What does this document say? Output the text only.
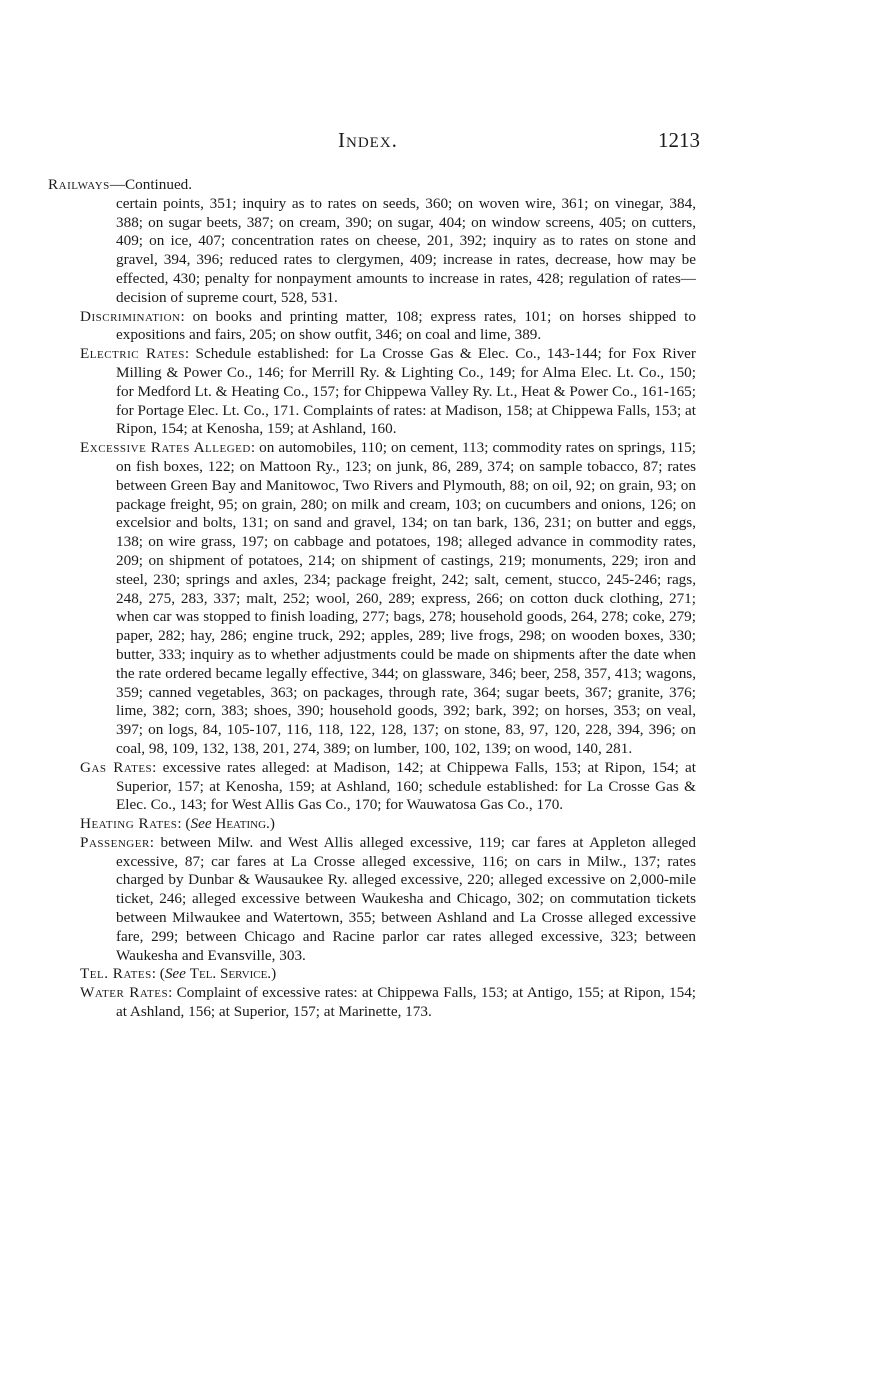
Index.	1213

Railways—Continued.

certain points, 351; inquiry as to rates on seeds, 360; on woven wire, 361; on vinegar, 384, 388; on sugar beets, 387; on cream, 390; on sugar, 404; on window screens, 405; on cutters, 409; on ice, 407; concentration rates on cheese, 201, 392; inquiry as to rates on stone and gravel, 394, 396; reduced rates to clergymen, 409; increase in rates, decrease, how may be effected, 430; penalty for nonpayment amounts to increase in rates, 428; regulation of rates—decision of supreme court, 528, 531.

Discrimination: on books and printing matter, 108; express rates, 101; on horses shipped to expositions and fairs, 205; on show outfit, 346; on coal and lime, 389.

Electric Rates: Schedule established: for La Crosse Gas & Elec. Co., 143-144; for Fox River Milling & Power Co., 146; for Merrill Ry. & Lighting Co., 149; for Alma Elec. Lt. Co., 150; for Medford Lt. & Heating Co., 157; for Chippewa Valley Ry. Lt., Heat & Power Co., 161-165; for Portage Elec. Lt. Co., 171. Complaints of rates: at Madison, 158; at Chippewa Falls, 153; at Ripon, 154; at Kenosha, 159; at Ashland, 160.

Excessive Rates Alleged: on automobiles, 110; on cement, 113; commodity rates on springs, 115; on fish boxes, 122; on Mattoon Ry., 123; on junk, 86, 289, 374; on sample tobacco, 87; rates between Green Bay and Manitowoc, Two Rivers and Plymouth, 88; on oil, 92; on grain, 93; on package freight, 95; on grain, 280; on milk and cream, 103; on cucumbers and onions, 126; on excelsior and bolts, 131; on sand and gravel, 134; on tan bark, 136, 231; on butter and eggs, 138; on wire grass, 197; on cabbage and potatoes, 198; alleged advance in commodity rates, 209; on shipment of potatoes, 214; on shipment of castings, 219; monuments, 229; iron and steel, 230; springs and axles, 234; package freight, 242; salt, cement, stucco, 245-246; rags, 248, 275, 283, 337; malt, 252; wool, 260, 289; express, 266; on cotton duck clothing, 271; when car was stopped to finish loading, 277; bags, 278; household goods, 264, 278; coke, 279; paper, 282; hay, 286; engine truck, 292; apples, 289; live frogs, 298; on wooden boxes, 330; butter, 333; inquiry as to whether adjustments could be made on shipments after the date when the rate ordered became legally effective, 344; on glassware, 346; beer, 258, 357, 413; wagons, 359; canned vegetables, 363; on packages, through rate, 364; sugar beets, 367; granite, 376; lime, 382; corn, 383; shoes, 390; household goods, 392; bark, 392; on horses, 353; on veal, 397; on logs, 84, 105-107, 116, 118, 122, 128, 137; on stone, 83, 97, 120, 228, 394, 396; on coal, 98, 109, 132, 138, 201, 274, 389; on lumber, 100, 102, 139; on wood, 140, 281.

Gas Rates: excessive rates alleged: at Madison, 142; at Chippewa Falls, 153; at Ripon, 154; at Superior, 157; at Kenosha, 159; at Ashland, 160; schedule established: for La Crosse Gas & Elec. Co., 143; for West Allis Gas Co., 170; for Wauwatosa Gas Co., 170.

Heating Rates: (See Heating.)

Passenger: between Milw. and West Allis alleged excessive, 119; car fares at Appleton alleged excessive, 87; car fares at La Crosse alleged excessive, 116; on cars in Milw., 137; rates charged by Dunbar & Wausaukee Ry. alleged excessive, 220; alleged excessive on 2,000-mile ticket, 246; alleged excessive between Waukesha and Chicago, 302; on commutation tickets between Milwaukee and Watertown, 355; between Ashland and La Crosse alleged excessive fare, 299; between Chicago and Racine parlor car rates alleged excessive, 323; between Waukesha and Evansville, 303.

Tel. Rates: (See Tel. Service.)

Water Rates: Complaint of excessive rates: at Chippewa Falls, 153; at Antigo, 155; at Ripon, 154; at Ashland, 156; at Superior, 157; at Marinette, 173.
